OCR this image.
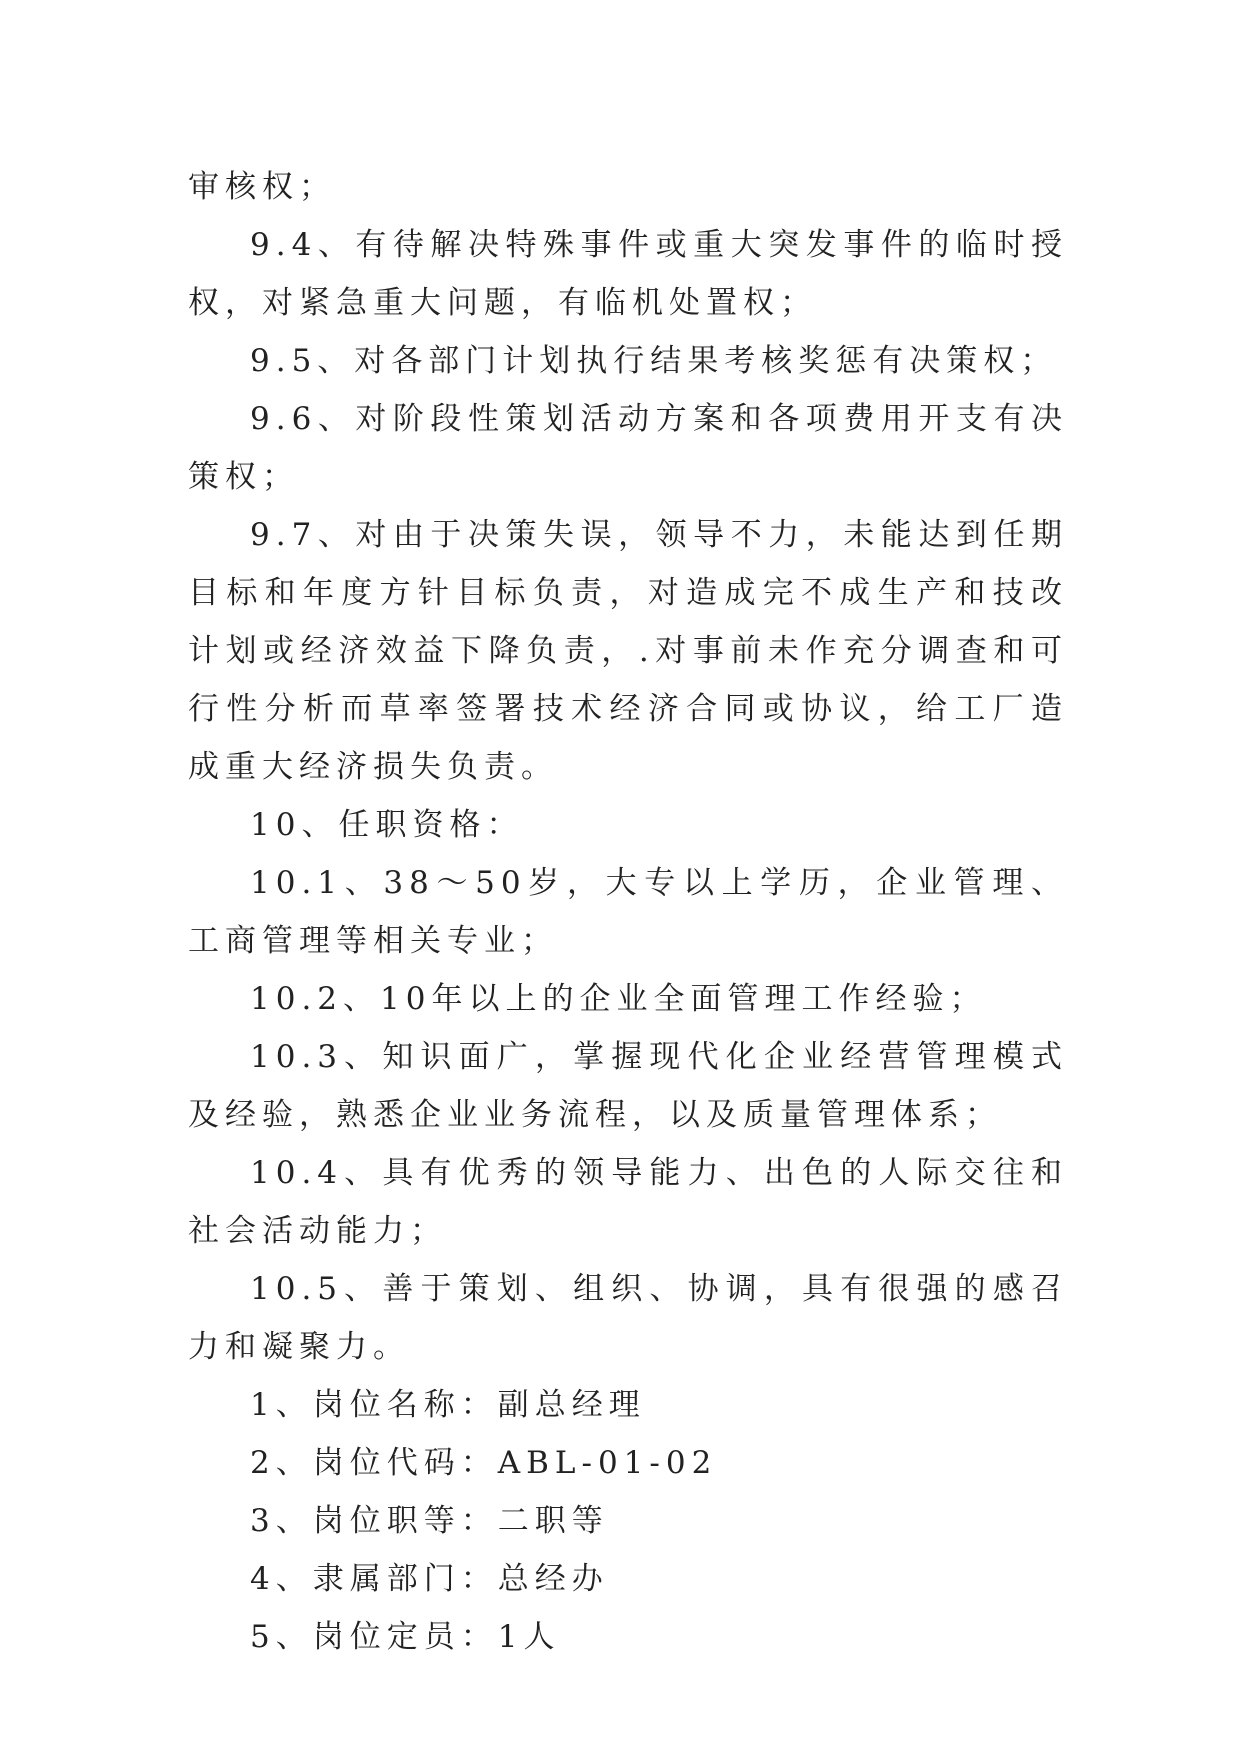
审核权；

9.4、有待解决特殊事件或重大突发事件的临时授权，对紧急重大问题，有临机处置权；

9.5、对各部门计划执行结果考核奖惩有决策权；

9.6、对阶段性策划活动方案和各项费用开支有决策权；

9.7、对由于决策失误，领导不力，未能达到任期目标和年度方针目标负责，对造成完不成生产和技改计划或经济效益下降负责，.对事前未作充分调查和可行性分析而草率签署技术经济合同或协议，给工厂造成重大经济损失负责。

10、任职资格：

10.1、38～50岁，大专以上学历，企业管理、工商管理等相关专业；

10.2、10年以上的企业全面管理工作经验；

10.3、知识面广，掌握现代化企业经营管理模式及经验，熟悉企业业务流程，以及质量管理体系；

10.4、具有优秀的领导能力、出色的人际交往和社会活动能力；

10.5、善于策划、组织、协调，具有很强的感召力和凝聚力。

1、岗位名称：副总经理

2、岗位代码：ABL-01-02

3、岗位职等：二职等

4、隶属部门：总经办

5、岗位定员：1人
